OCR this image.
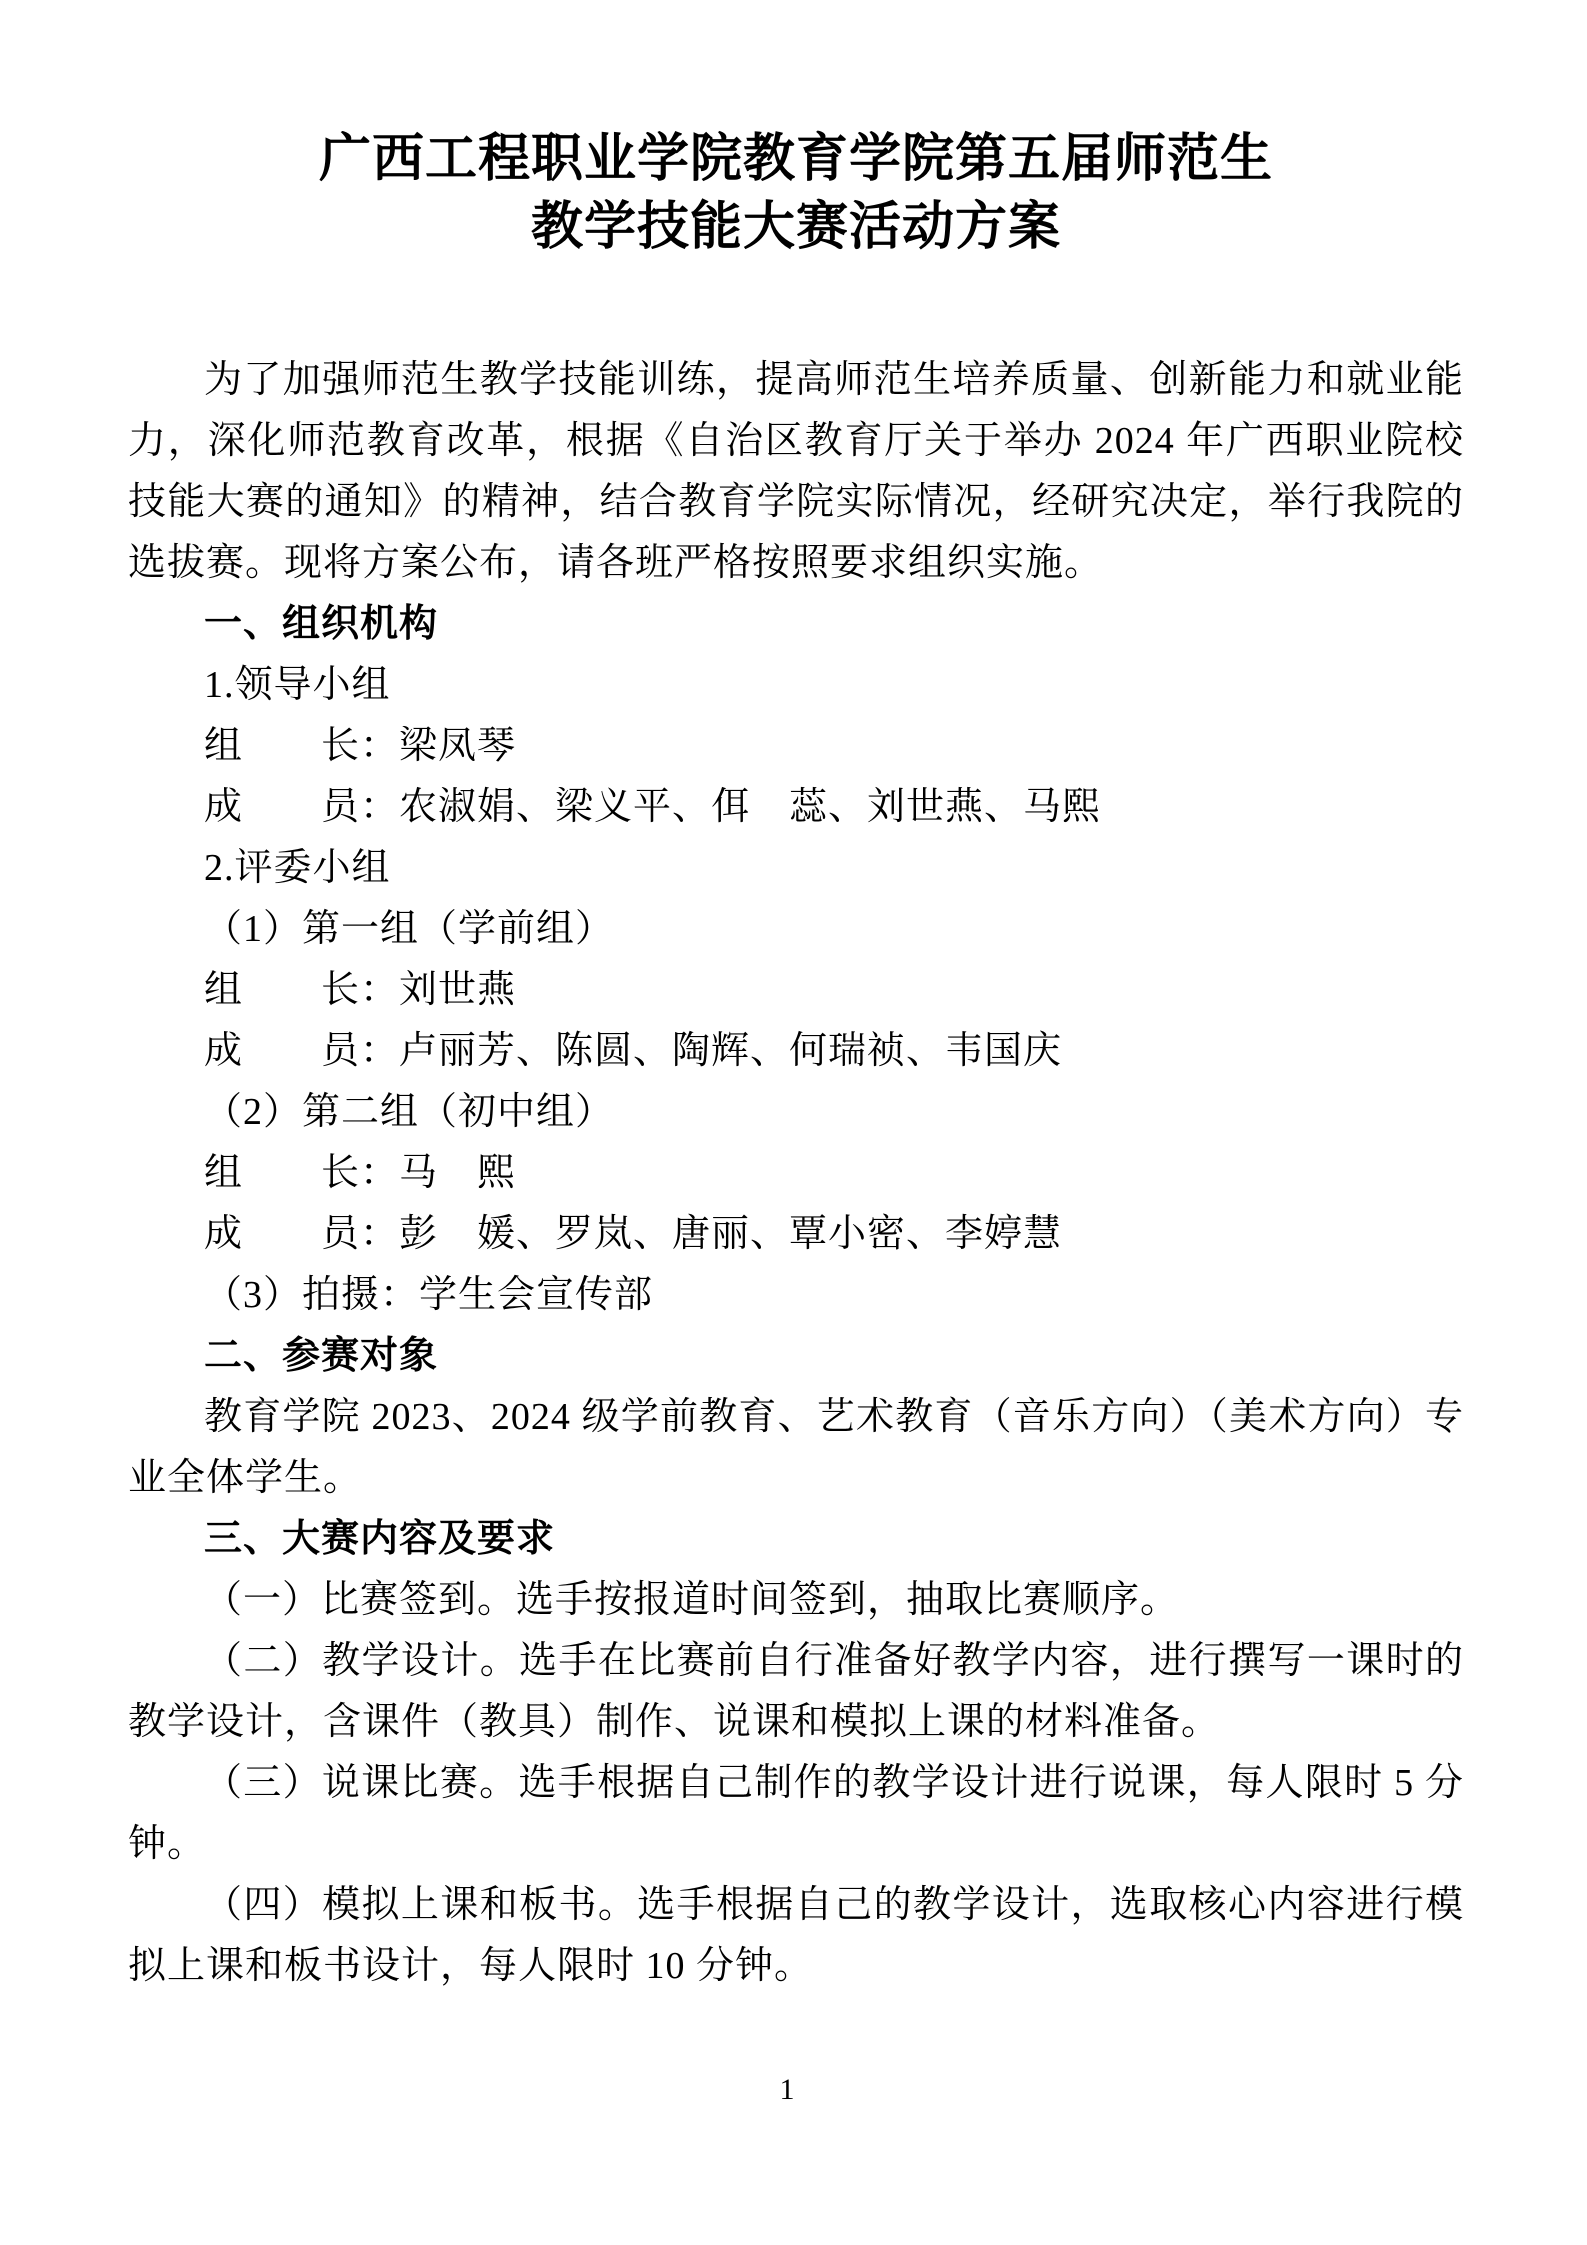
广西工程职业学院教育学院第五届师范生
教学技能大赛活动方案

为了加强师范生教学技能训练，提高师范生培养质量、创新能力和就业能力，深化师范教育改革，根据《自治区教育厅关于举办 2024 年广西职业院校技能大赛的通知》的精神，结合教育学院实际情况，经研究决定，举行我院的选拔赛。现将方案公布，请各班严格按照要求组织实施。

一、组织机构

1.领导小组

组　　长：梁凤琴

成　　员：农淑娟、梁义平、佴　蕊、刘世燕、马熙

2.评委小组

（1）第一组（学前组）

组　　长：刘世燕

成　　员：卢丽芳、陈圆、陶辉、何瑞祯、韦国庆

（2）第二组（初中组）

组　　长：马　熙

成　　员：彭　媛、罗岚、唐丽、覃小密、李婷慧

（3）拍摄：学生会宣传部

二、参赛对象

教育学院 2023、2024 级学前教育、艺术教育（音乐方向）（美术方向）专业全体学生。

三、大赛内容及要求

（一）比赛签到。选手按报道时间签到，抽取比赛顺序。

（二）教学设计。选手在比赛前自行准备好教学内容，进行撰写一课时的教学设计，含课件（教具）制作、说课和模拟上课的材料准备。

（三）说课比赛。选手根据自己制作的教学设计进行说课，每人限时 5 分钟。

（四）模拟上课和板书。选手根据自己的教学设计，选取核心内容进行模拟上课和板书设计，每人限时 10 分钟。

1
